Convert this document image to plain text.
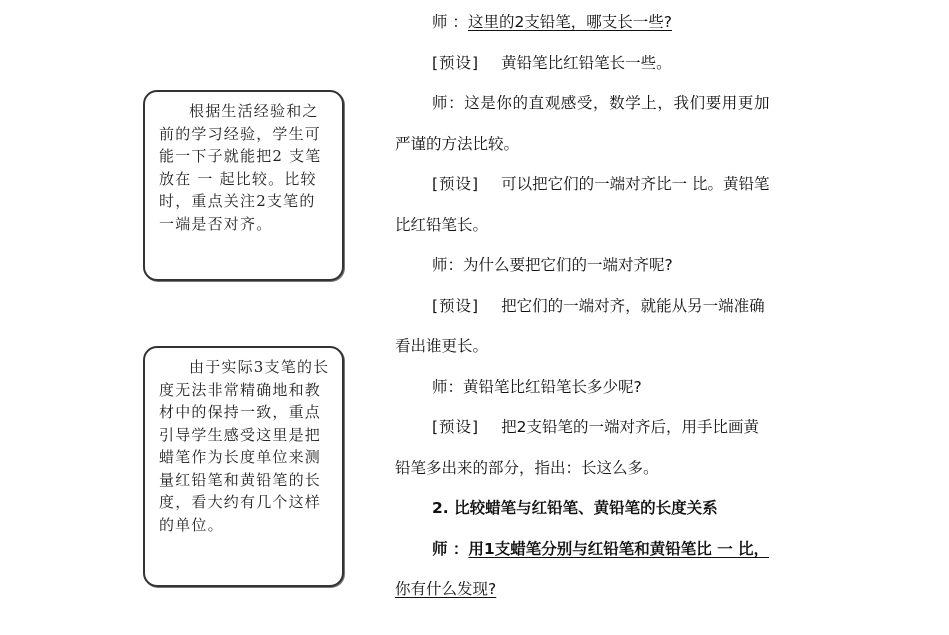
根据生活经验和之前的学习经验，学生可能一下子就能把2 支笔放在 一 起比较。比较时，重点关注2支笔的一端是否对齐。

由于实际3支笔的长度无法非常精确地和教材中的保持一致，重点引导学生感受这里是把蜡笔作为长度单位来测量红铅笔和黄铅笔的长度，看大约有几个这样的单位。

师 ：这里的2支铅笔，哪支长一些?

[预设] 黄铅笔比红铅笔长一些。

师：这是你的直观感受，数学上，我们要用更加

严谨的方法比较。

[预设] 可以把它们的一端对齐比一 比。黄铅笔

比红铅笔长。

师：为什么要把它们的一端对齐呢?

[预设] 把它们的一端对齐，就能从另一端准确

看出谁更长。

师：黄铅笔比红铅笔长多少呢?

[预设] 把2支铅笔的一端对齐后，用手比画黄

铅笔多出来的部分，指出：长这么多。

2. 比较蜡笔与红铅笔、黄铅笔的长度关系

师 ：用1支蜡笔分别与红铅笔和黄铅笔比 一 比，

你有什么发现?
